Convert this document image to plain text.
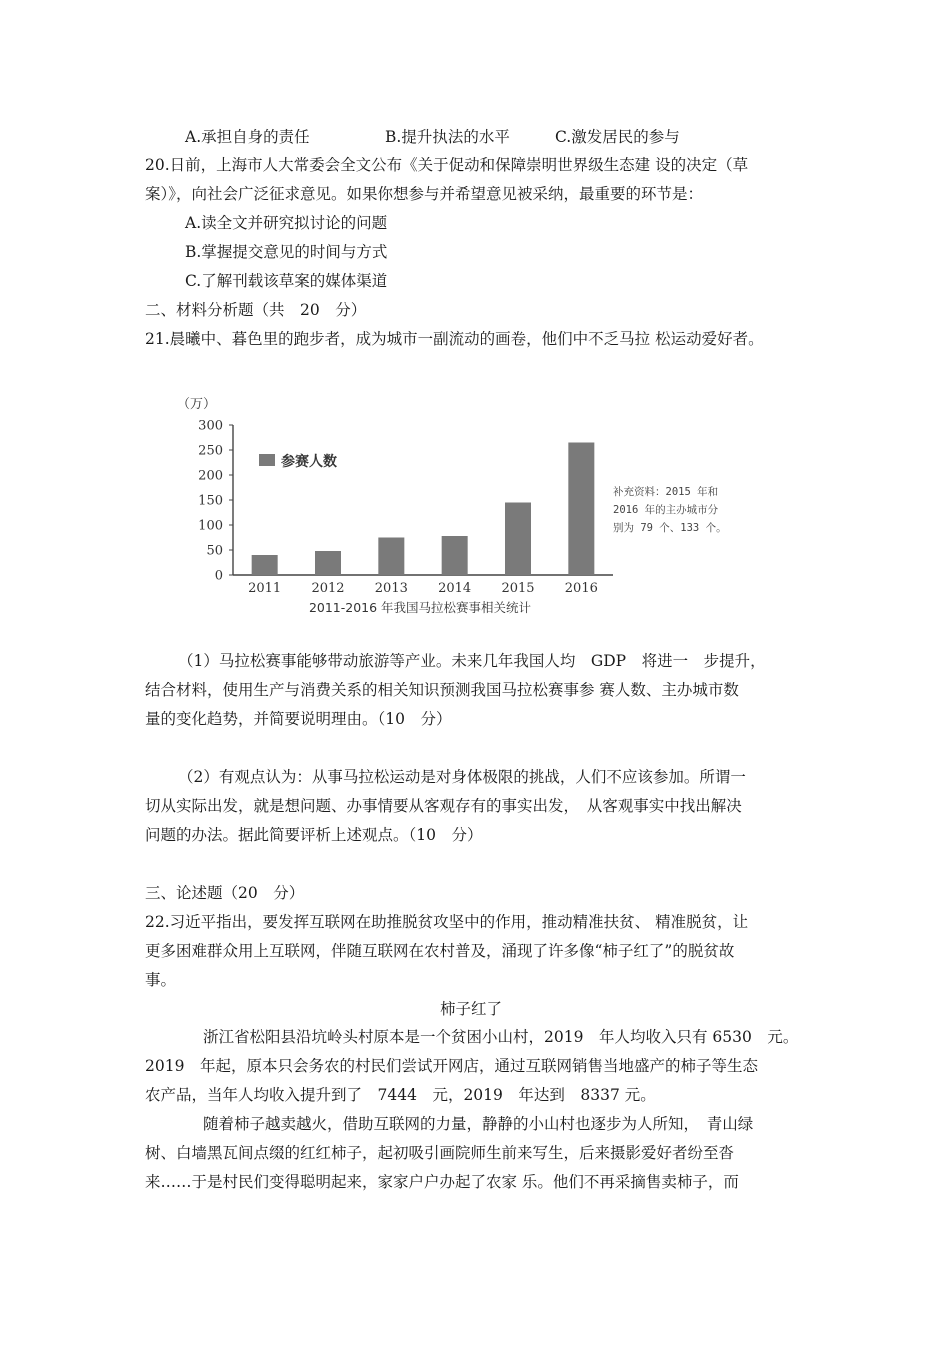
A.承担自身的责任	B.提升执法的水平	C.激发居民的参与
20.日前，上海市人大常委会全文公布《关于促动和保障崇明世界级生态建 设的决定（草
案）》，向社会广泛征求意见。如果你想参与并希望意见被采纳，最重要的环节是：
A.读全文并研究拟讨论的问题
B.掌握提交意见的时间与方式
C.了解刊载该草案的媒体渠道
二、材料分析题（共　20　分）
21.晨曦中、暮色里的跑步者，成为城市一副流动的画卷，他们中不乏马拉 松运动爱好者。
（万）
0
50
100
150
200
250
300
2011 2012 2013 2014 2015 2016
参赛人数
补充资料：2015 年和
2016 年的主办城市分
别为 79 个、133 个。
2011-2016 年我国马拉松赛事相关统计
（1）马拉松赛事能够带动旅游等产业。未来几年我国人均　GDP　将进一　步提升，
结合材料，使用生产与消费关系的相关知识预测我国马拉松赛事参 赛人数、主办城市数
量的变化趋势，并简要说明理由。（10　分）
（2）有观点认为：从事马拉松运动是对身体极限的挑战，人们不应该参加。所谓一
切从实际出发，就是想问题、办事情要从客观存有的事实出发，　从客观事实中找出解决
问题的办法。据此简要评析上述观点。（10　分）
三、论述题（20　分）
22.习近平指出，要发挥互联网在助推脱贫攻坚中的作用，推动精准扶贫、 精准脱贫，让
更多困难群众用上互联网，伴随互联网在农村普及，涌现了许多像“柿子红了”的脱贫故
事。
柿子红了
浙江省松阳县沿坑岭头村原本是一个贫困小山村，2019　年人均收入只有 6530　元。
2019　年起，原本只会务农的村民们尝试开网店，通过互联网销售当地盛产的柿子等生态
农产品，当年人均收入提升到了　7444　元，2019　年达到　8337 元。
随着柿子越卖越火，借助互联网的力量，静静的小山村也逐步为人所知，　青山绿
树、白墙黑瓦间点缀的红红柿子，起初吸引画院师生前来写生，后来摄影爱好者纷至沓
来……于是村民们变得聪明起来，家家户户办起了农家 乐。他们不再采摘售卖柿子，而
